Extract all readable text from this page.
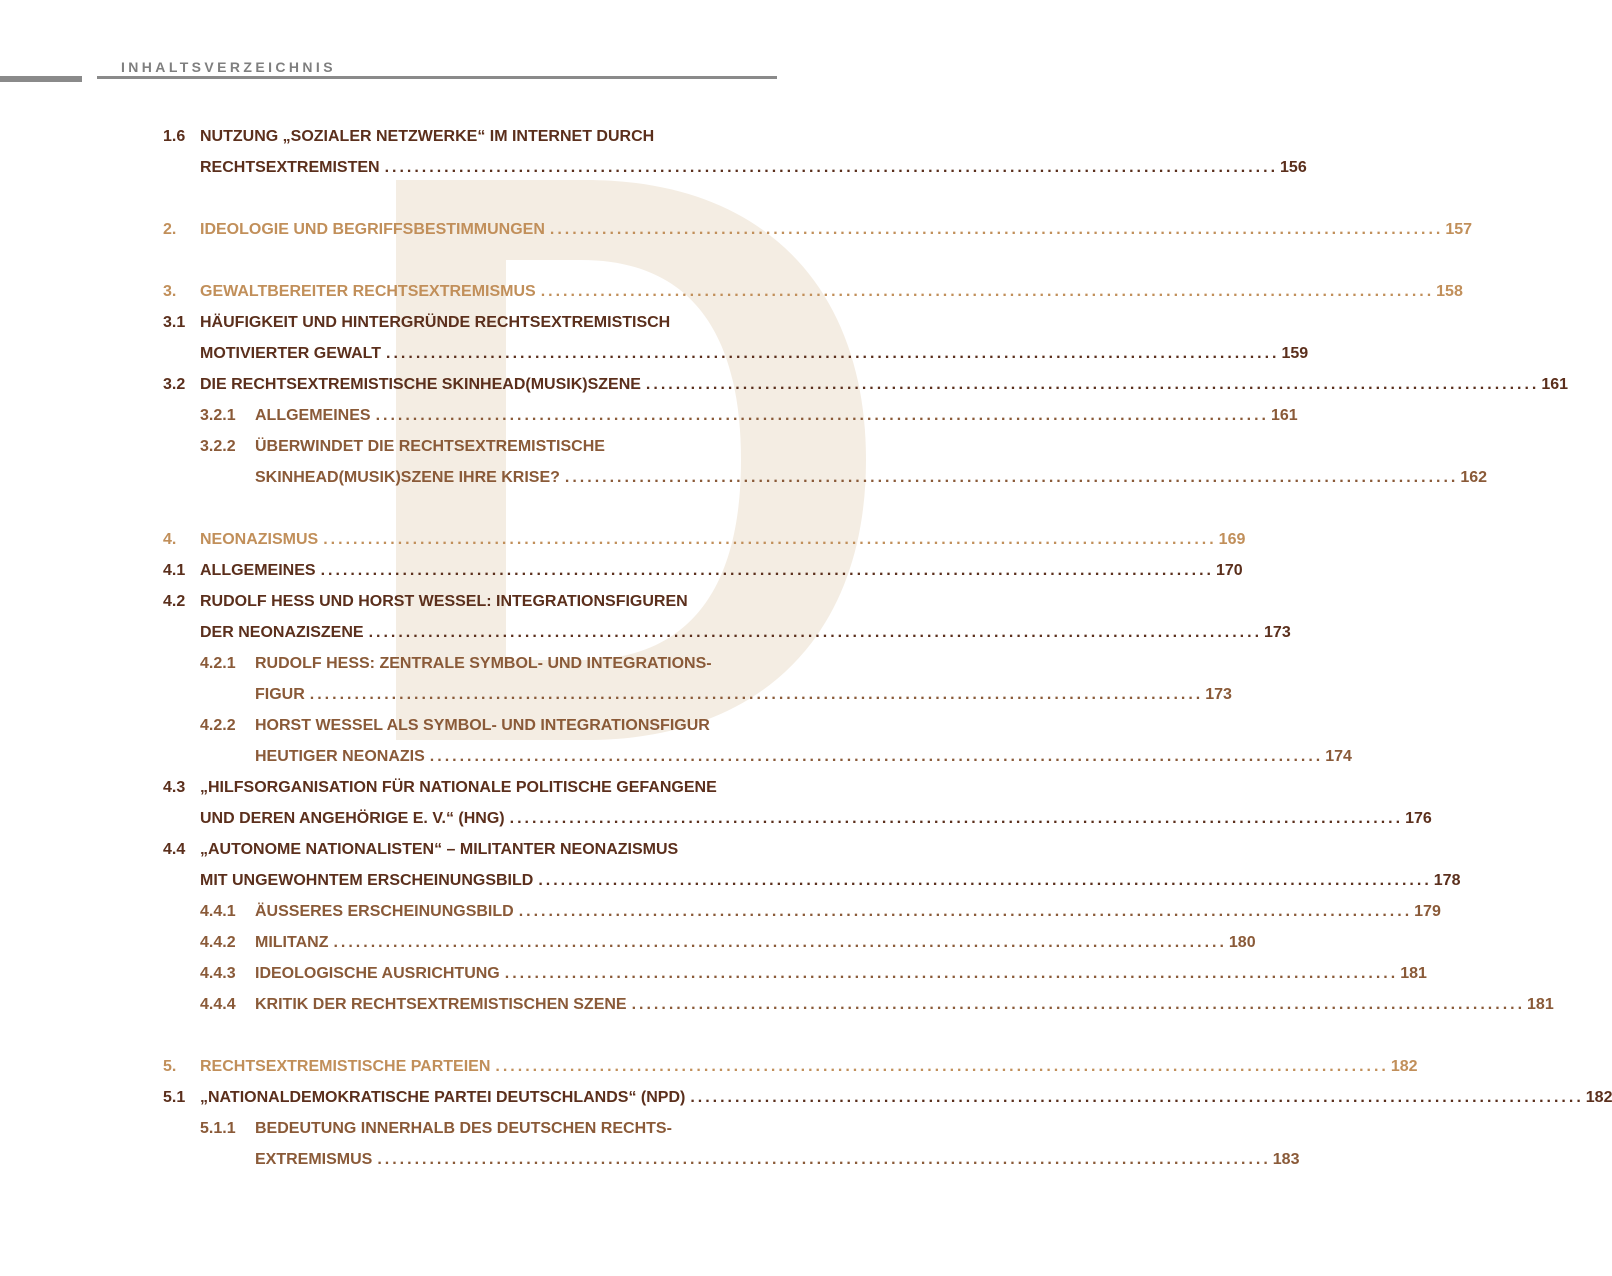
INHALTSVERZEICHNIS
1.6 NUTZUNG „SOZIALER NETZWERKE“ IM INTERNET DURCH
RECHTSEXTREMISTEN ........................................................................................................................ 156
2. IDEOLOGIE UND BEGRIFFSBESTIMMUNGEN ........................................................................................................................ 157
3. GEWALTBEREITER RECHTSEXTREMISMUS ........................................................................................................................ 158
3.1 HÄUFIGKEIT UND HINTERGRÜNDE RECHTSEXTREMISTISCH
MOTIVIERTER GEWALT ........................................................................................................................ 159
3.2 DIE RECHTSEXTREMISTISCHE SKINHEAD(MUSIK)SZENE ........................................................................................................................ 161
3.2.1 ALLGEMEINES ........................................................................................................................ 161
3.2.2 ÜBERWINDET DIE RECHTSEXTREMISTISCHE
SKINHEAD(MUSIK)SZENE IHRE KRISE? ........................................................................................................................ 162
4. NEONAZISMUS ........................................................................................................................ 169
4.1 ALLGEMEINES ........................................................................................................................ 170
4.2 RUDOLF HESS UND HORST WESSEL: INTEGRATIONSFIGUREN
DER NEONAZISZENE ........................................................................................................................ 173
4.2.1 RUDOLF HESS: ZENTRALE SYMBOL- UND INTEGRATIONS-
FIGUR ........................................................................................................................ 173
4.2.2 HORST WESSEL ALS SYMBOL- UND INTEGRATIONSFIGUR
HEUTIGER NEONAZIS ........................................................................................................................ 174
4.3 „HILFSORGANISATION FÜR NATIONALE POLITISCHE GEFANGENE
UND DEREN ANGEHÖRIGE E. V.“ (HNG) ........................................................................................................................ 176
4.4 „AUTONOME NATIONALISTEN“ – MILITANTER NEONAZISMUS
MIT UNGEWOHNTEM ERSCHEINUNGSBILD ........................................................................................................................ 178
4.4.1 ÄUSSERES ERSCHEINUNGSBILD ........................................................................................................................ 179
4.4.2 MILITANZ ........................................................................................................................ 180
4.4.3 IDEOLOGISCHE AUSRICHTUNG ........................................................................................................................ 181
4.4.4 KRITIK DER RECHTSEXTREMISTISCHEN SZENE ........................................................................................................................ 181
5. RECHTSEXTREMISTISCHE PARTEIEN ........................................................................................................................ 182
5.1 „NATIONALDEMOKRATISCHE PARTEI DEUTSCHLANDS“ (NPD) ........................................................................................................................ 182
5.1.1 BEDEUTUNG INNERHALB DES DEUTSCHEN RECHTS-
EXTREMISMUS ........................................................................................................................ 183
